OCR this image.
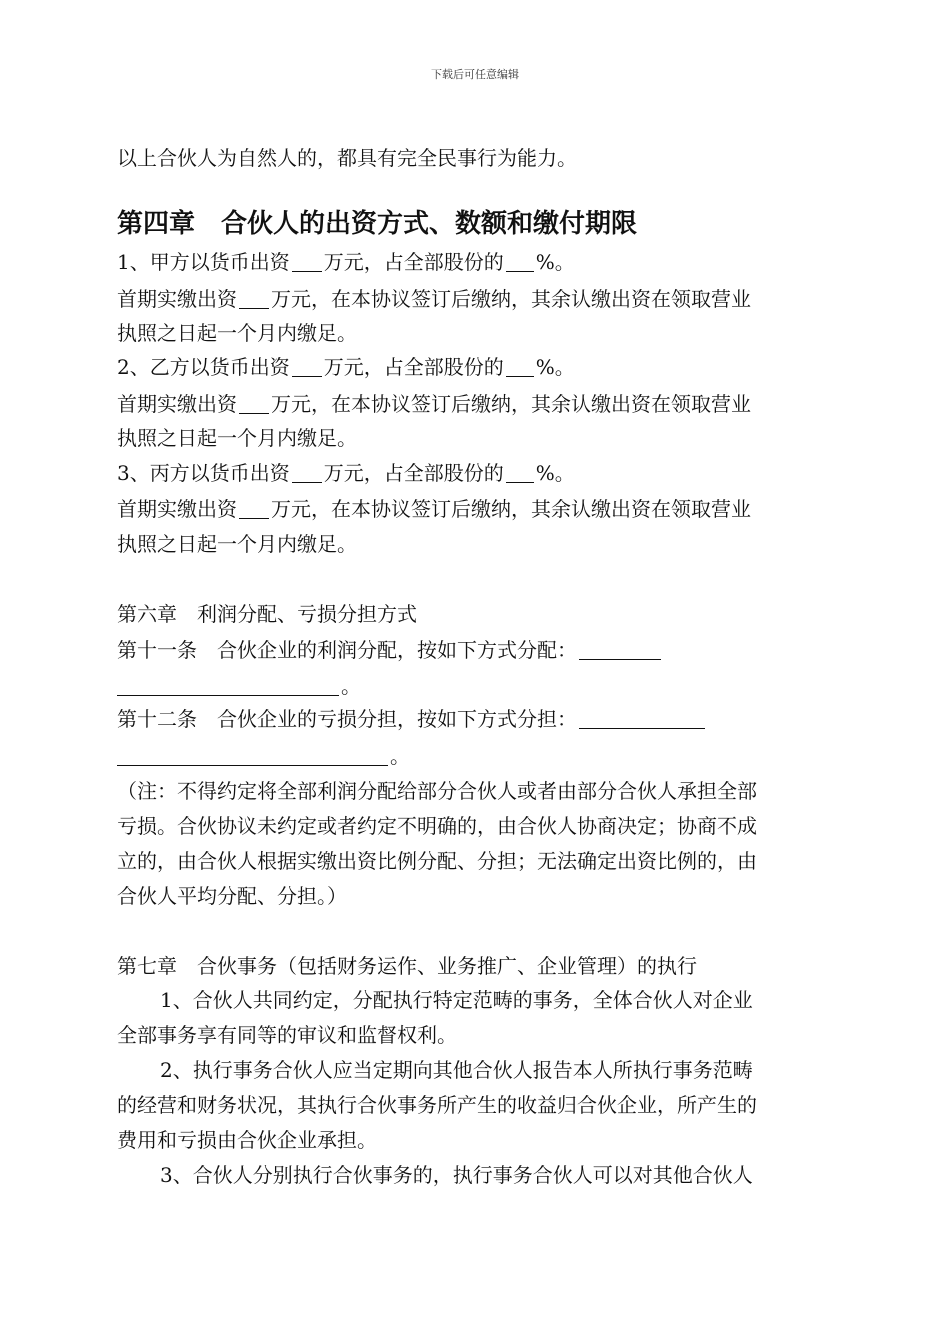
下载后可任意编辑
以上合伙人为自然人的，都具有完全民事行为能力。
第四章　合伙人的出资方式、数额和缴付期限
1、甲方以货币出资 万元，占全部股份的 %。
首期实缴出资 万元，在本协议签订后缴纳，其余认缴出资在领取营业
执照之日起一个月内缴足。
2、乙方以货币出资 万元，占全部股份的 %。
首期实缴出资 万元，在本协议签订后缴纳，其余认缴出资在领取营业
执照之日起一个月内缴足。
3、丙方以货币出资 万元，占全部股份的 %。
首期实缴出资 万元，在本协议签订后缴纳，其余认缴出资在领取营业
执照之日起一个月内缴足。
第六章　利润分配、亏损分担方式
第十一条　合伙企业的利润分配，按如下方式分配：
。
第十二条　合伙企业的亏损分担，按如下方式分担：
。
（注：不得约定将全部利润分配给部分合伙人或者由部分合伙人承担全部
亏损。合伙协议未约定或者约定不明确的，由合伙人协商决定；协商不成
立的，由合伙人根据实缴出资比例分配、分担；无法确定出资比例的，由
合伙人平均分配、分担。）
第七章　合伙事务（包括财务运作、业务推广、企业管理）的执行
1、合伙人共同约定，分配执行特定范畴的事务，全体合伙人对企业
全部事务享有同等的审议和监督权利。
2、执行事务合伙人应当定期向其他合伙人报告本人所执行事务范畴
的经营和财务状况，其执行合伙事务所产生的收益归合伙企业，所产生的
费用和亏损由合伙企业承担。
3、合伙人分别执行合伙事务的，执行事务合伙人可以对其他合伙人
